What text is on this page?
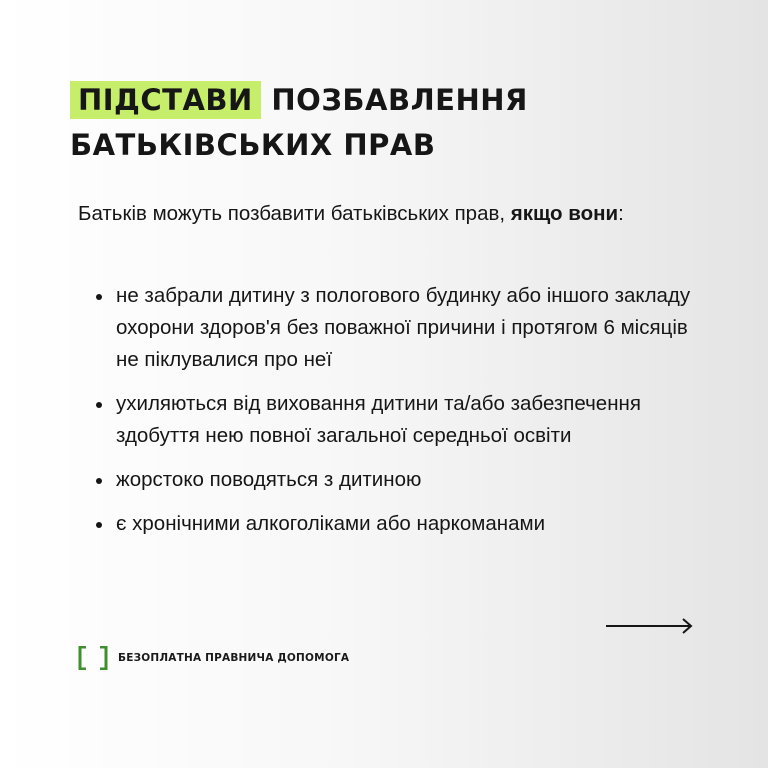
ПІДСТАВИ ПОЗБАВЛЕННЯ
БАТЬКІВСЬКИХ ПРАВ

Батьків можуть позбавити батьківських прав, якщо вони:

не забрали дитину з пологового будинку або іншого закладу охорони здоров'я без поважної причини і протягом 6 місяців не піклувалися про неї
ухиляються від виховання дитини та/або забезпечення здобуття нею повної загальної середньої освіти
жорстоко поводяться з дитиною
є хронічними алкоголіками або наркоманами
БЕЗОПЛАТНА ПРАВНИЧА ДОПОМОГА
